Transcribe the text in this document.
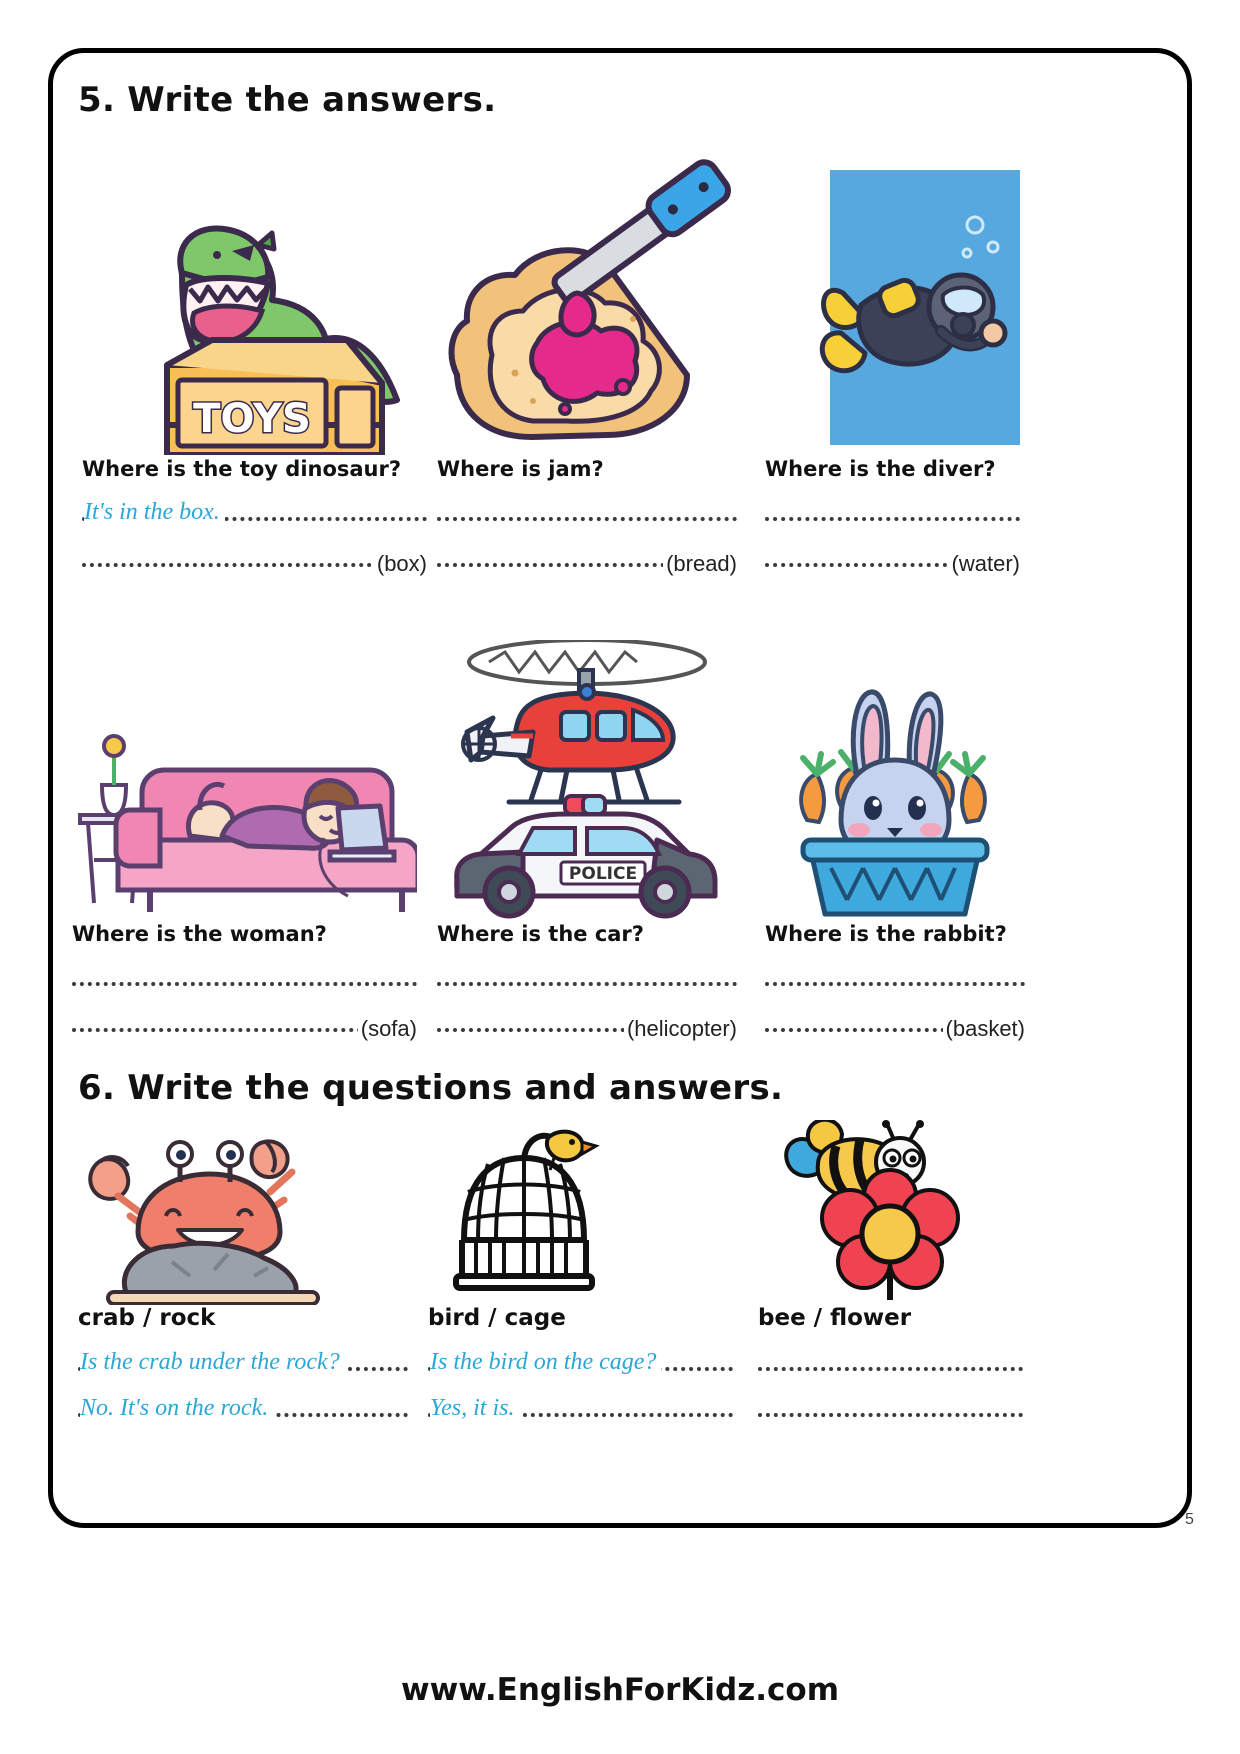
5. Write the answers.
TOYS
Where is the toy dinosaur?
It's in the box.
(box)
Where is jam?
(bread)
Where is the diver?
(water)
Where is the woman?
(sofa)
POLICE
Where is the car?
(helicopter)
Where is the rabbit?
(basket)
6. Write the questions and answers.
crab / rock
Is the crab under the rock?
No. It's on the rock.
bird / cage
Is the bird on the cage?
Yes, it is.
bee / flower
5
www.EnglishForKidz.com
